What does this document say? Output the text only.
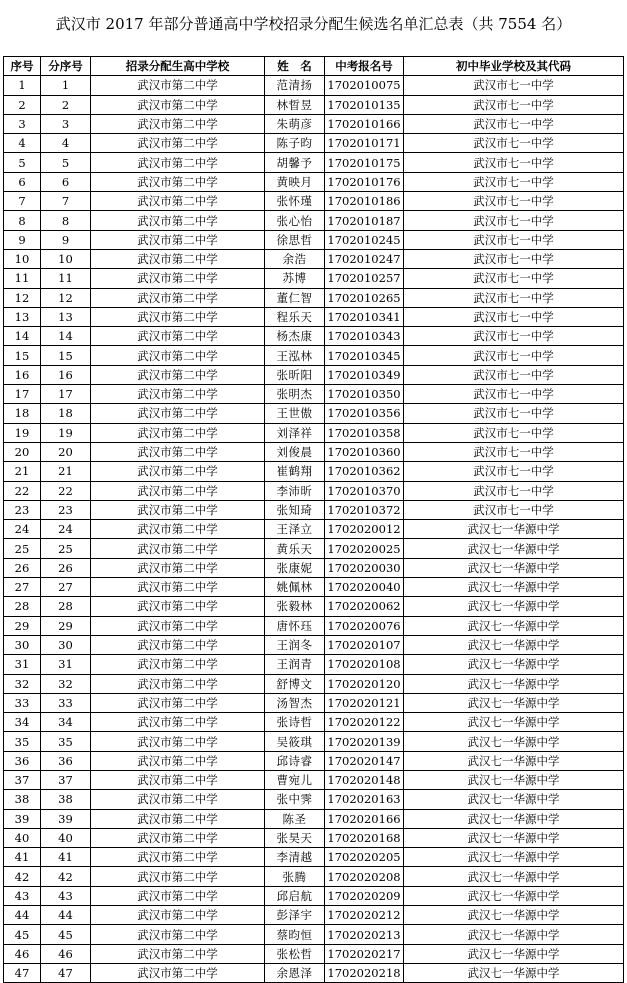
武汉市 2017 年部分普通高中学校招录分配生候选名单汇总表（共 7554 名）
序号	分序号	招录分配生高中学校	姓　名	中考报名号	初中毕业学校及其代码
1	1	武汉市第二中学	范清扬	1702010075	武汉市七一中学
2	2	武汉市第二中学	林晢昱	1702010135	武汉市七一中学
3	3	武汉市第二中学	朱萌彦	1702010166	武汉市七一中学
4	4	武汉市第二中学	陈子昀	1702010171	武汉市七一中学
5	5	武汉市第二中学	胡馨予	1702010175	武汉市七一中学
6	6	武汉市第二中学	黄映月	1702010176	武汉市七一中学
7	7	武汉市第二中学	张怀瑾	1702010186	武汉市七一中学
8	8	武汉市第二中学	张心怡	1702010187	武汉市七一中学
9	9	武汉市第二中学	徐思哲	1702010245	武汉市七一中学
10	10	武汉市第二中学	余浩	1702010247	武汉市七一中学
11	11	武汉市第二中学	苏博	1702010257	武汉市七一中学
12	12	武汉市第二中学	董仁智	1702010265	武汉市七一中学
13	13	武汉市第二中学	程乐天	1702010341	武汉市七一中学
14	14	武汉市第二中学	杨杰康	1702010343	武汉市七一中学
15	15	武汉市第二中学	王泓林	1702010345	武汉市七一中学
16	16	武汉市第二中学	张昕阳	1702010349	武汉市七一中学
17	17	武汉市第二中学	张明杰	1702010350	武汉市七一中学
18	18	武汉市第二中学	王世傲	1702010356	武汉市七一中学
19	19	武汉市第二中学	刘泽祥	1702010358	武汉市七一中学
20	20	武汉市第二中学	刘俊晨	1702010360	武汉市七一中学
21	21	武汉市第二中学	崔鹤翔	1702010362	武汉市七一中学
22	22	武汉市第二中学	李沛昕	1702010370	武汉市七一中学
23	23	武汉市第二中学	张知琦	1702010372	武汉市七一中学
24	24	武汉市第二中学	王泽立	1702020012	武汉七一华源中学
25	25	武汉市第二中学	黄乐天	1702020025	武汉七一华源中学
26	26	武汉市第二中学	张康妮	1702020030	武汉七一华源中学
27	27	武汉市第二中学	姚佩林	1702020040	武汉七一华源中学
28	28	武汉市第二中学	张毅林	1702020062	武汉七一华源中学
29	29	武汉市第二中学	唐怀珏	1702020076	武汉七一华源中学
30	30	武汉市第二中学	王润冬	1702020107	武汉七一华源中学
31	31	武汉市第二中学	王润青	1702020108	武汉七一华源中学
32	32	武汉市第二中学	舒博文	1702020120	武汉七一华源中学
33	33	武汉市第二中学	汤智杰	1702020121	武汉七一华源中学
34	34	武汉市第二中学	张诗哲	1702020122	武汉七一华源中学
35	35	武汉市第二中学	吴筱琪	1702020139	武汉七一华源中学
36	36	武汉市第二中学	邱诗睿	1702020147	武汉七一华源中学
37	37	武汉市第二中学	曹宛儿	1702020148	武汉七一华源中学
38	38	武汉市第二中学	张中霁	1702020163	武汉七一华源中学
39	39	武汉市第二中学	陈圣	1702020166	武汉七一华源中学
40	40	武汉市第二中学	张昊天	1702020168	武汉七一华源中学
41	41	武汉市第二中学	李清越	1702020205	武汉七一华源中学
42	42	武汉市第二中学	张腾	1702020208	武汉七一华源中学
43	43	武汉市第二中学	邱启航	1702020209	武汉七一华源中学
44	44	武汉市第二中学	彭泽宇	1702020212	武汉七一华源中学
45	45	武汉市第二中学	蔡昀恒	1702020213	武汉七一华源中学
46	46	武汉市第二中学	张松哲	1702020217	武汉七一华源中学
47	47	武汉市第二中学	余恩泽	1702020218	武汉七一华源中学
